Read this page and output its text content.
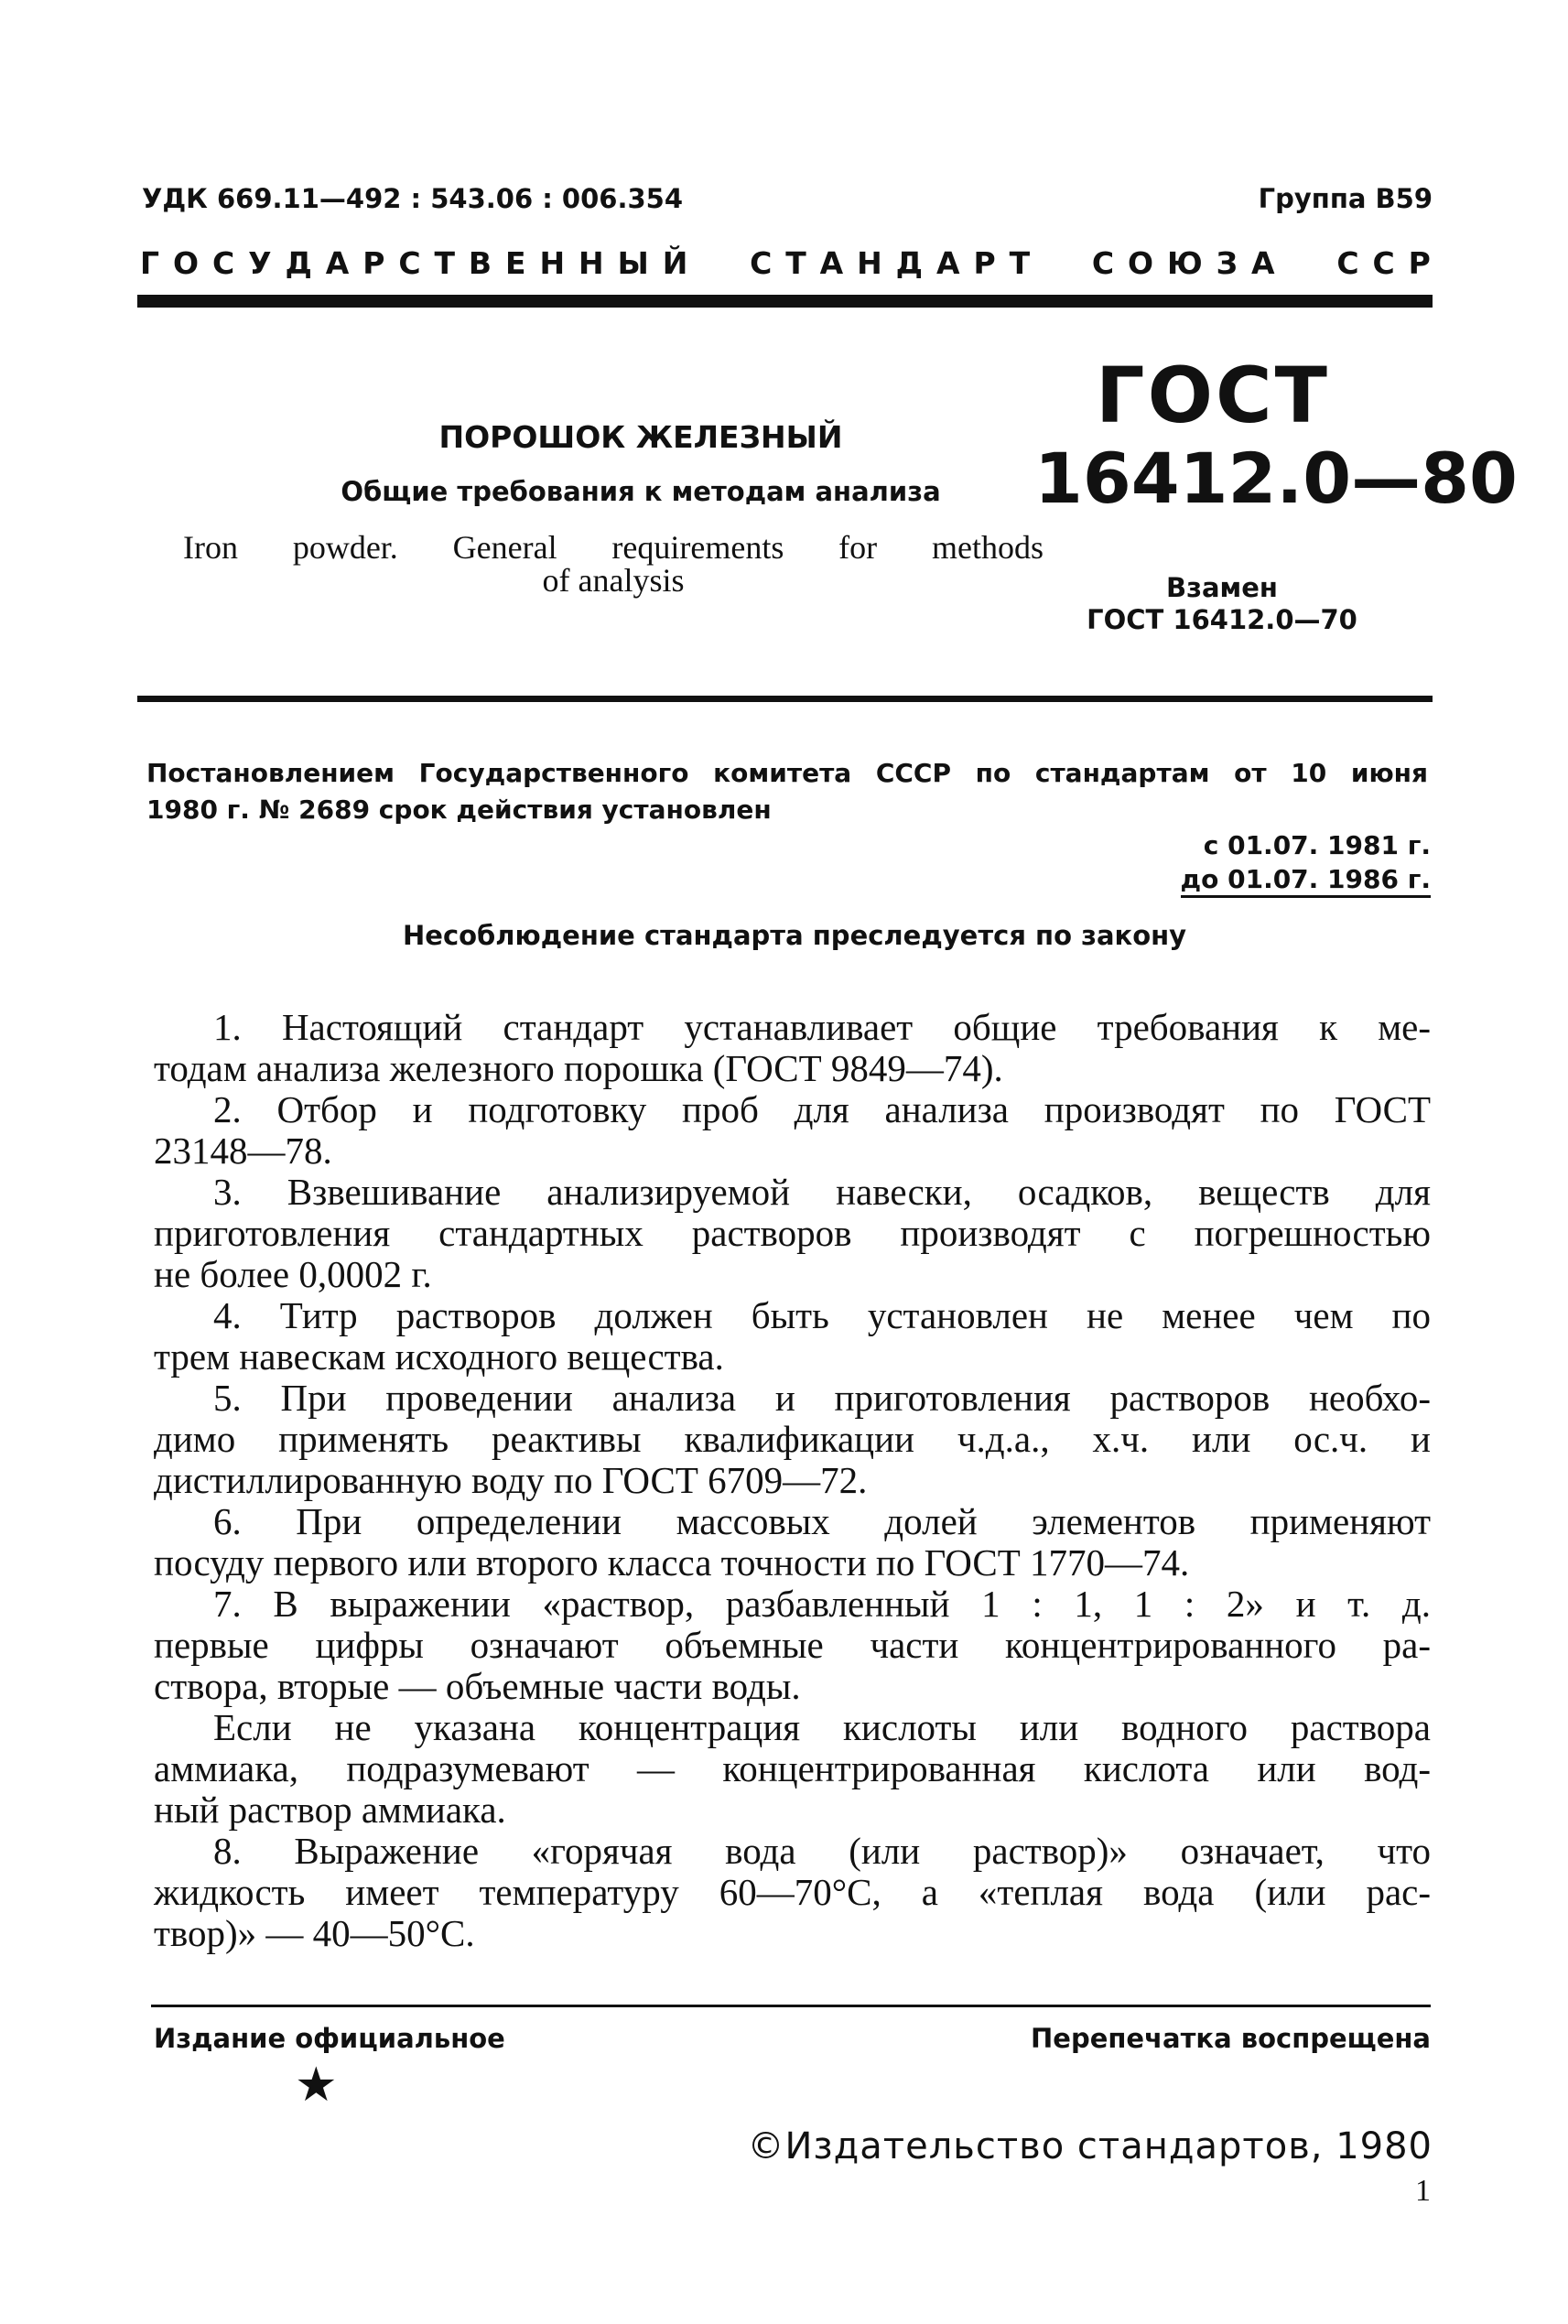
УДК 669.11—492 : 543.06 : 006.354	Группа В59
Г О С У Д А Р С Т В Е Н Н Ы Й

С Т А Н Д А Р Т

С О Ю З А

С С Р
ПОРОШОК ЖЕЛЕЗНЫЙ
Общие требования к методам анализа
Iron powder. General requirements for methods
of analysis
ГОСТ
16412.0—80
Взамен
ГОСТ 16412.0—70
Постановлением Государственного комитета СССР по стандартам от 10 июня
1980 г. № 2689 срок действия установлен
с 01.07. 1981 г.
до 01.07. 1986 г.
Несоблюдение стандарта преследуется по закону

1. Настоящий стандарт устанавливает общие требования к ме-
тодам анализа железного порошка (ГОСТ 9849—74).

2. Отбор и подготовку проб для анализа производят по ГОСТ
23148—78.

3. Взвешивание анализируемой навески, осадков, веществ для
приготовления стандартных растворов производят с погрешностью
не более 0,0002 г.

4. Титр растворов должен быть установлен не менее чем по
трем навескам исходного вещества.

5. При проведении анализа и приготовления растворов необхо-
димо применять реактивы квалификации ч.д.а., х.ч. или ос.ч. и
дистиллированную воду по ГОСТ 6709—72.

6. При определении массовых долей элементов применяют
посуду первого или второго класса точности по ГОСТ 1770—74.

7. В выражении «раствор, разбавленный 1 : 1, 1 : 2» и т. д.
первые цифры означают объемные части концентрированного ра-
створа, вторые — объемные части воды.

Если не указана концентрация кислоты или водного раствора
аммиака, подразумевают — концентрированная кислота или вод-
ный раствор аммиака.

8. Выражение «горячая вода (или раствор)» означает, что
жидкость имеет температуру 60—70°С, а «теплая вода (или рас-
твор)» — 40—50°С.

Издание официальное	Перепечатка воспрещена
★
©Издательство стандартов, 1980
1
